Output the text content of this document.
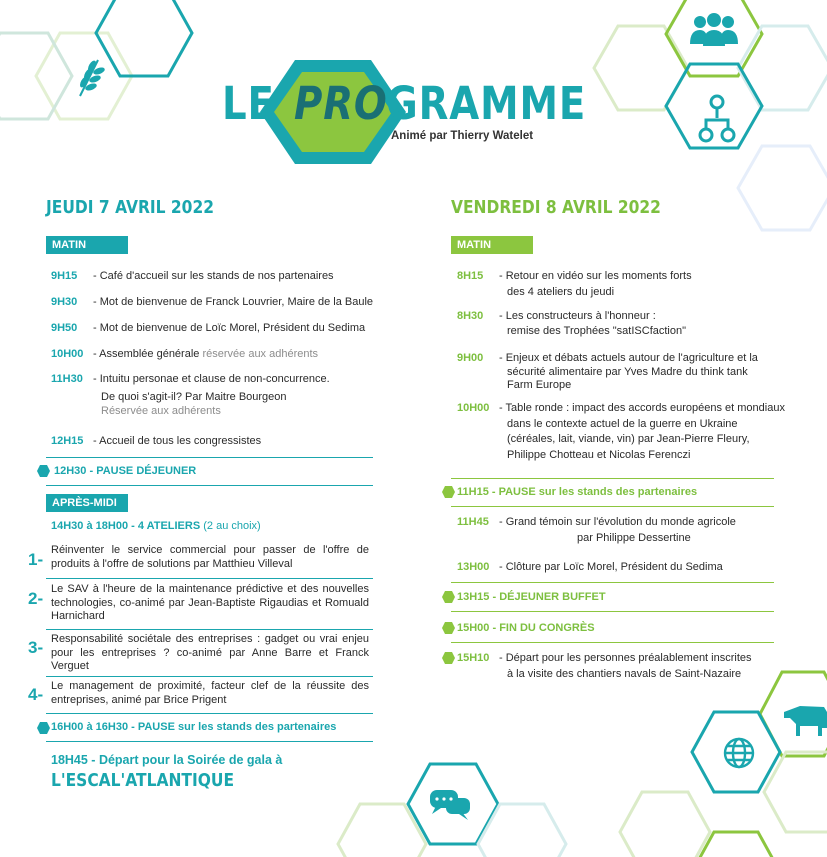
LE PRO
GRAMME
Animé par Thierry Watelet
JEUDI 7 AVRIL 2022
MATIN
9H15 - Café d'accueil sur les stands de nos partenaires
9H30 - Mot de bienvenue de Franck Louvrier, Maire de la Baule
9H50 - Mot de bienvenue de Loïc Morel, Président du Sedima
10H00 - Assemblée générale réservée aux adhérents
11H30 - Intuitu personae et clause de non-concurrence.
De quoi s'agit-il? Par Maitre Bourgeon
Réservée aux adhérents
12H15 - Accueil de tous les congressistes
12H30 - PAUSE DÉJEUNER
APRÈS-MIDI
14H30 à 18H00 - 4 ATELIERS (2 au choix)
1- Réinventer le service commercial pour passer de l'offre de produits à l'offre de solutions par Matthieu Villeval
2- Le SAV à l'heure de la maintenance prédictive et des nouvelles technologies, co-animé par Jean-Baptiste Rigaudias et Romuald Harnichard
3- Responsabilité sociétale des entreprises : gadget ou vrai enjeu pour les entreprises ? co-animé par Anne Barre et Franck Verguet
4- Le management de proximité, facteur clef de la réussite des entreprises, animé par Brice Prigent
16H00 à 16H30 - PAUSE sur les stands des partenaires
18H45 - Départ pour la Soirée de gala à
L'ESCAL'ATLANTIQUE
VENDREDI 8 AVRIL 2022
MATIN
8H15 - Retour en vidéo sur les moments forts
des 4 ateliers du jeudi
8H30 - Les constructeurs à l'honneur :
remise des Trophées "satISCfaction"
9H00 - Enjeux et débats actuels autour de l'agriculture et la
sécurité alimentaire par Yves Madre du think tank
Farm Europe
10H00 - Table ronde : impact des accords européens et mondiaux
dans le contexte actuel de la guerre en Ukraine
(céréales, lait, viande, vin) par Jean-Pierre Fleury,
Philippe Chotteau et Nicolas Ferenczi
11H15 - PAUSE sur les stands des partenaires
11H45 - Grand témoin sur l'évolution du monde agricole
par Philippe Dessertine
13H00 - Clôture par Loïc Morel, Président du Sedima
13H15 - DÉJEUNER BUFFET
15H00 - FIN DU CONGRÈS
15H10 - Départ pour les personnes préalablement inscrites
à la visite des chantiers navals de Saint-Nazaire
